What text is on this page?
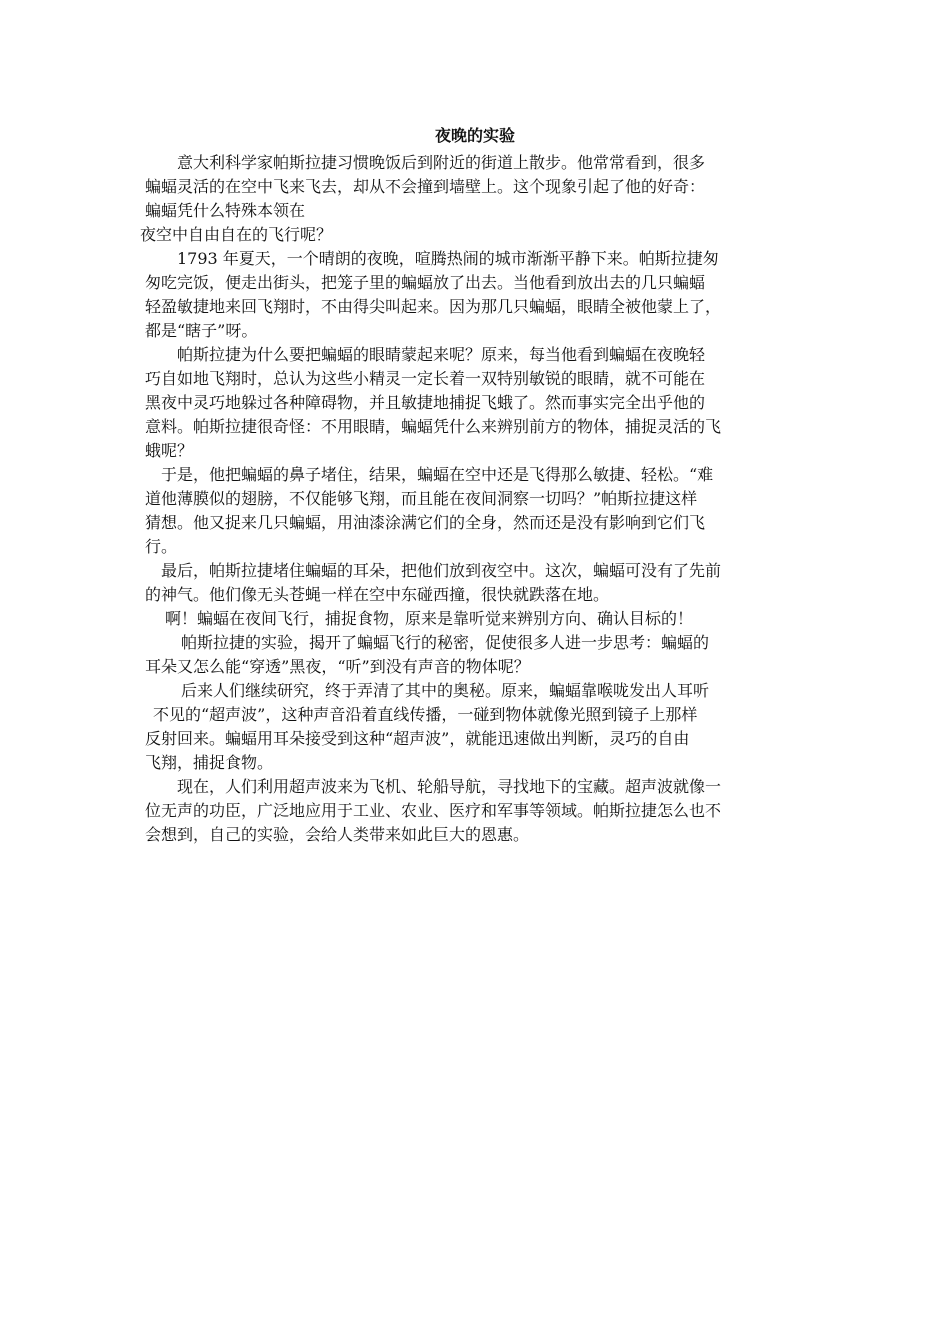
夜晚的实验
意大利科学家帕斯拉捷习惯晚饭后到附近的街道上散步。他常常看到，很多
蝙蝠灵活的在空中飞来飞去，却从不会撞到墙壁上。这个现象引起了他的好奇：
蝙蝠凭什么特殊本领在
夜空中自由自在的飞行呢？
1793 年夏天，一个晴朗的夜晚，喧腾热闹的城市渐渐平静下来。帕斯拉捷匆
匆吃完饭，便走出街头，把笼子里的蝙蝠放了出去。当他看到放出去的几只蝙蝠
轻盈敏捷地来回飞翔时，不由得尖叫起来。因为那几只蝙蝠，眼睛全被他蒙上了，
都是“瞎子”呀。
帕斯拉捷为什么要把蝙蝠的眼睛蒙起来呢？原来，每当他看到蝙蝠在夜晚轻
巧自如地飞翔时，总认为这些小精灵一定长着一双特别敏锐的眼睛，就不可能在
黑夜中灵巧地躲过各种障碍物，并且敏捷地捕捉飞蛾了。然而事实完全出乎他的
意料。帕斯拉捷很奇怪：不用眼睛，蝙蝠凭什么来辨别前方的物体，捕捉灵活的飞
蛾呢？
于是，他把蝙蝠的鼻子堵住，结果，蝙蝠在空中还是飞得那么敏捷、轻松。“难
道他薄膜似的翅膀，不仅能够飞翔，而且能在夜间洞察一切吗？”帕斯拉捷这样
猜想。他又捉来几只蝙蝠，用油漆涂满它们的全身，然而还是没有影响到它们飞
行。
最后，帕斯拉捷堵住蝙蝠的耳朵，把他们放到夜空中。这次，蝙蝠可没有了先前
的神气。他们像无头苍蝇一样在空中东碰西撞，很快就跌落在地。
啊！蝙蝠在夜间飞行，捕捉食物，原来是靠听觉来辨别方向、确认目标的！
帕斯拉捷的实验，揭开了蝙蝠飞行的秘密，促使很多人进一步思考：蝙蝠的
耳朵又怎么能“穿透”黑夜，“听”到没有声音的物体呢？
后来人们继续研究，终于弄清了其中的奥秘。原来，蝙蝠靠喉咙发出人耳听
不见的“超声波”，这种声音沿着直线传播，一碰到物体就像光照到镜子上那样
反射回来。蝙蝠用耳朵接受到这种“超声波”，就能迅速做出判断，灵巧的自由
飞翔，捕捉食物。
现在，人们利用超声波来为飞机、轮船导航，寻找地下的宝藏。超声波就像一
位无声的功臣，广泛地应用于工业、农业、医疗和军事等领域。帕斯拉捷怎么也不
会想到，自己的实验，会给人类带来如此巨大的恩惠。
